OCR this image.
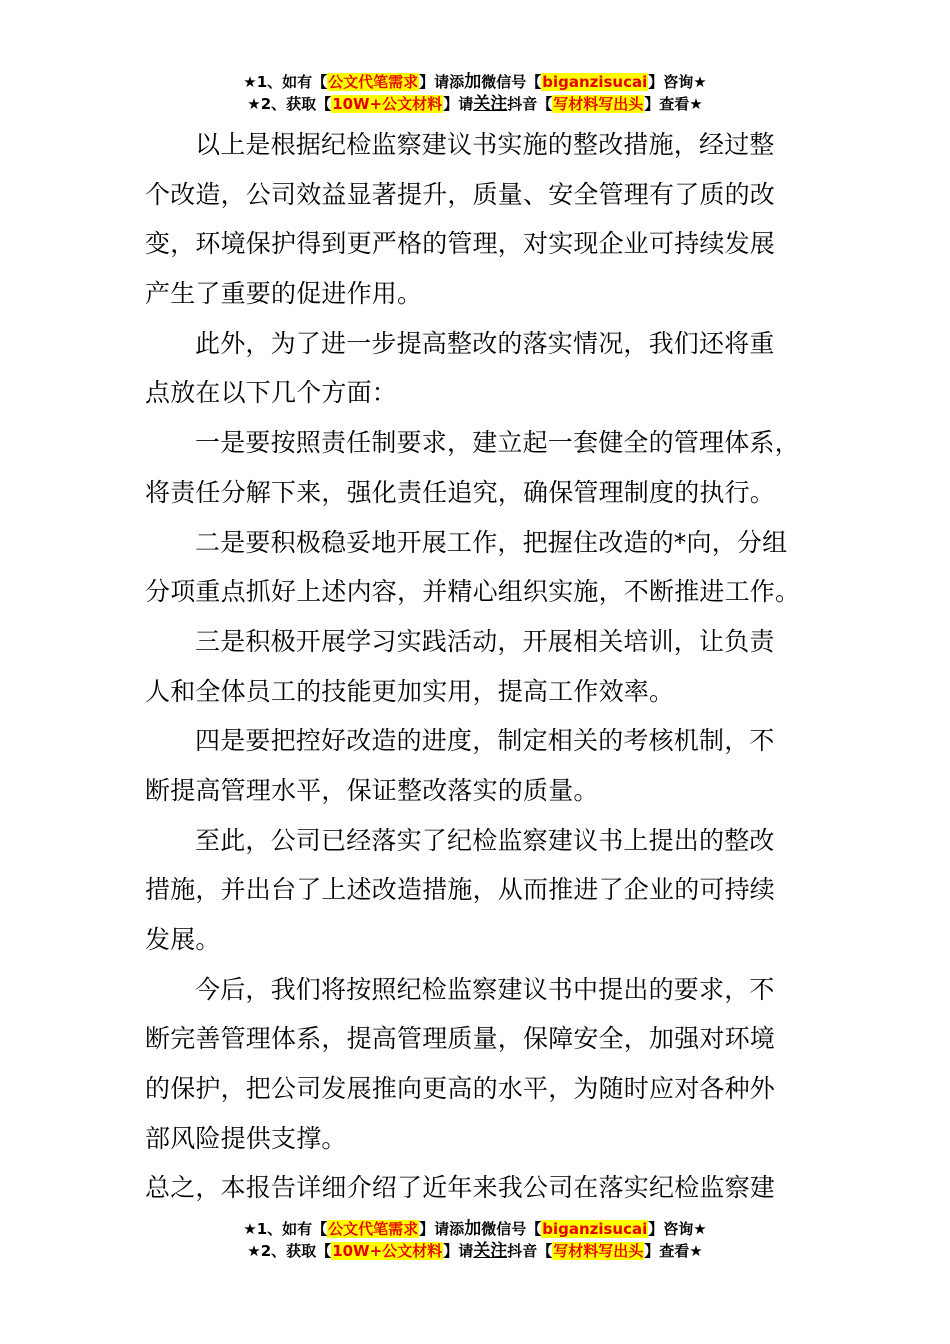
★1、如有【公文代笔需求】请添加微信号【biganzisucai】咨询★
★2、获取【10W+公文材料】请关注抖音【写材料写出头】查看★
以上是根据纪检监察建议书实施的整改措施，经过整
个改造，公司效益显著提升，质量、安全管理有了质的改
变，环境保护得到更严格的管理，对实现企业可持续发展
产生了重要的促进作用。
此外，为了进一步提高整改的落实情况，我们还将重
点放在以下几个方面：
一是要按照责任制要求，建立起一套健全的管理体系，
将责任分解下来，强化责任追究，确保管理制度的执行。
二是要积极稳妥地开展工作，把握住改造的*向，分组
分项重点抓好上述内容，并精心组织实施，不断推进工作。
三是积极开展学习实践活动，开展相关培训，让负责
人和全体员工的技能更加实用，提高工作效率。
四是要把控好改造的进度，制定相关的考核机制，不
断提高管理水平，保证整改落实的质量。
至此，公司已经落实了纪检监察建议书上提出的整改
措施，并出台了上述改造措施，从而推进了企业的可持续
发展。
今后，我们将按照纪检监察建议书中提出的要求，不
断完善管理体系，提高管理质量，保障安全，加强对环境
的保护，把公司发展推向更高的水平，为随时应对各种外
部风险提供支撑。
总之，本报告详细介绍了近年来我公司在落实纪检监察建
★1、如有【公文代笔需求】请添加微信号【biganzisucai】咨询★
★2、获取【10W+公文材料】请关注抖音【写材料写出头】查看★
